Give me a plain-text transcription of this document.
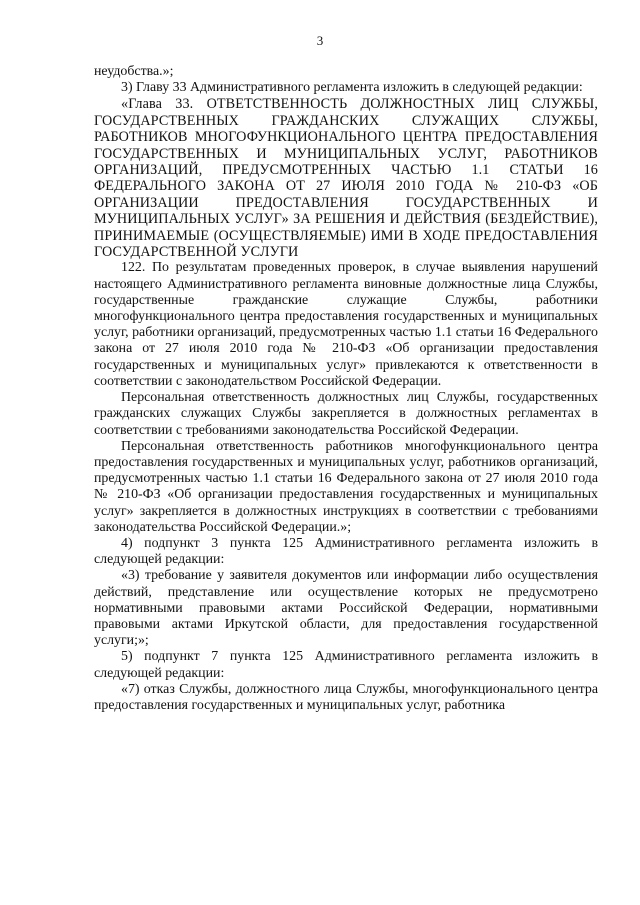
3

неудобства.»;

3) Главу 33 Административного регламента изложить в следующей редакции:

«Глава 33. ОТВЕТСТВЕННОСТЬ ДОЛЖНОСТНЫХ ЛИЦ СЛУЖБЫ, ГОСУДАРСТВЕННЫХ ГРАЖДАНСКИХ СЛУЖАЩИХ СЛУЖБЫ, РАБОТНИКОВ МНОГОФУНКЦИОНАЛЬНОГО ЦЕНТРА ПРЕДОСТАВЛЕНИЯ ГОСУДАРСТВЕННЫХ И МУНИЦИПАЛЬНЫХ УСЛУГ, РАБОТНИКОВ ОРГАНИЗАЦИЙ, ПРЕДУСМОТРЕННЫХ ЧАСТЬЮ 1.1 СТАТЬИ 16 ФЕДЕРАЛЬНОГО ЗАКОНА ОТ 27 ИЮЛЯ 2010 ГОДА № 210-ФЗ «ОБ ОРГАНИЗАЦИИ ПРЕДОСТАВЛЕНИЯ ГОСУДАРСТВЕННЫХ И МУНИЦИПАЛЬНЫХ УСЛУГ» ЗА РЕШЕНИЯ И ДЕЙСТВИЯ (БЕЗДЕЙСТВИЕ), ПРИНИМАЕМЫЕ (ОСУЩЕСТВЛЯЕМЫЕ) ИМИ В ХОДЕ ПРЕДОСТАВЛЕНИЯ ГОСУДАРСТВЕННОЙ УСЛУГИ

122. По результатам проведенных проверок, в случае выявления нарушений настоящего Административного регламента виновные должностные лица Службы, государственные гражданские служащие Службы, работники многофункционального центра предоставления государственных и муниципальных услуг, работники организаций, предусмотренных частью 1.1 статьи 16 Федерального закона от 27 июля 2010 года № 210-ФЗ «Об организации предоставления государственных и муниципальных услуг» привлекаются к ответственности в соответствии с законодательством Российской Федерации.

Персональная ответственность должностных лиц Службы, государственных гражданских служащих Службы закрепляется в должностных регламентах в соответствии с требованиями законодательства Российской Федерации.

Персональная ответственность работников многофункционального центра предоставления государственных и муниципальных услуг, работников организаций, предусмотренных частью 1.1 статьи 16 Федерального закона от 27 июля 2010 года № 210-ФЗ «Об организации предоставления государственных и муниципальных услуг» закрепляется в должностных инструкциях в соответствии с требованиями законодательства Российской Федерации.»;

4) подпункт 3 пункта 125 Административного регламента изложить в следующей редакции:

«3) требование у заявителя документов или информации либо осуществления действий, представление или осуществление которых не предусмотрено нормативными правовыми актами Российской Федерации, нормативными правовыми актами Иркутской области, для предоставления государственной услуги;»;

5) подпункт 7 пункта 125 Административного регламента изложить в следующей редакции:

«7) отказ Службы, должностного лица Службы, многофункционального центра предоставления государственных и муниципальных услуг, работника
